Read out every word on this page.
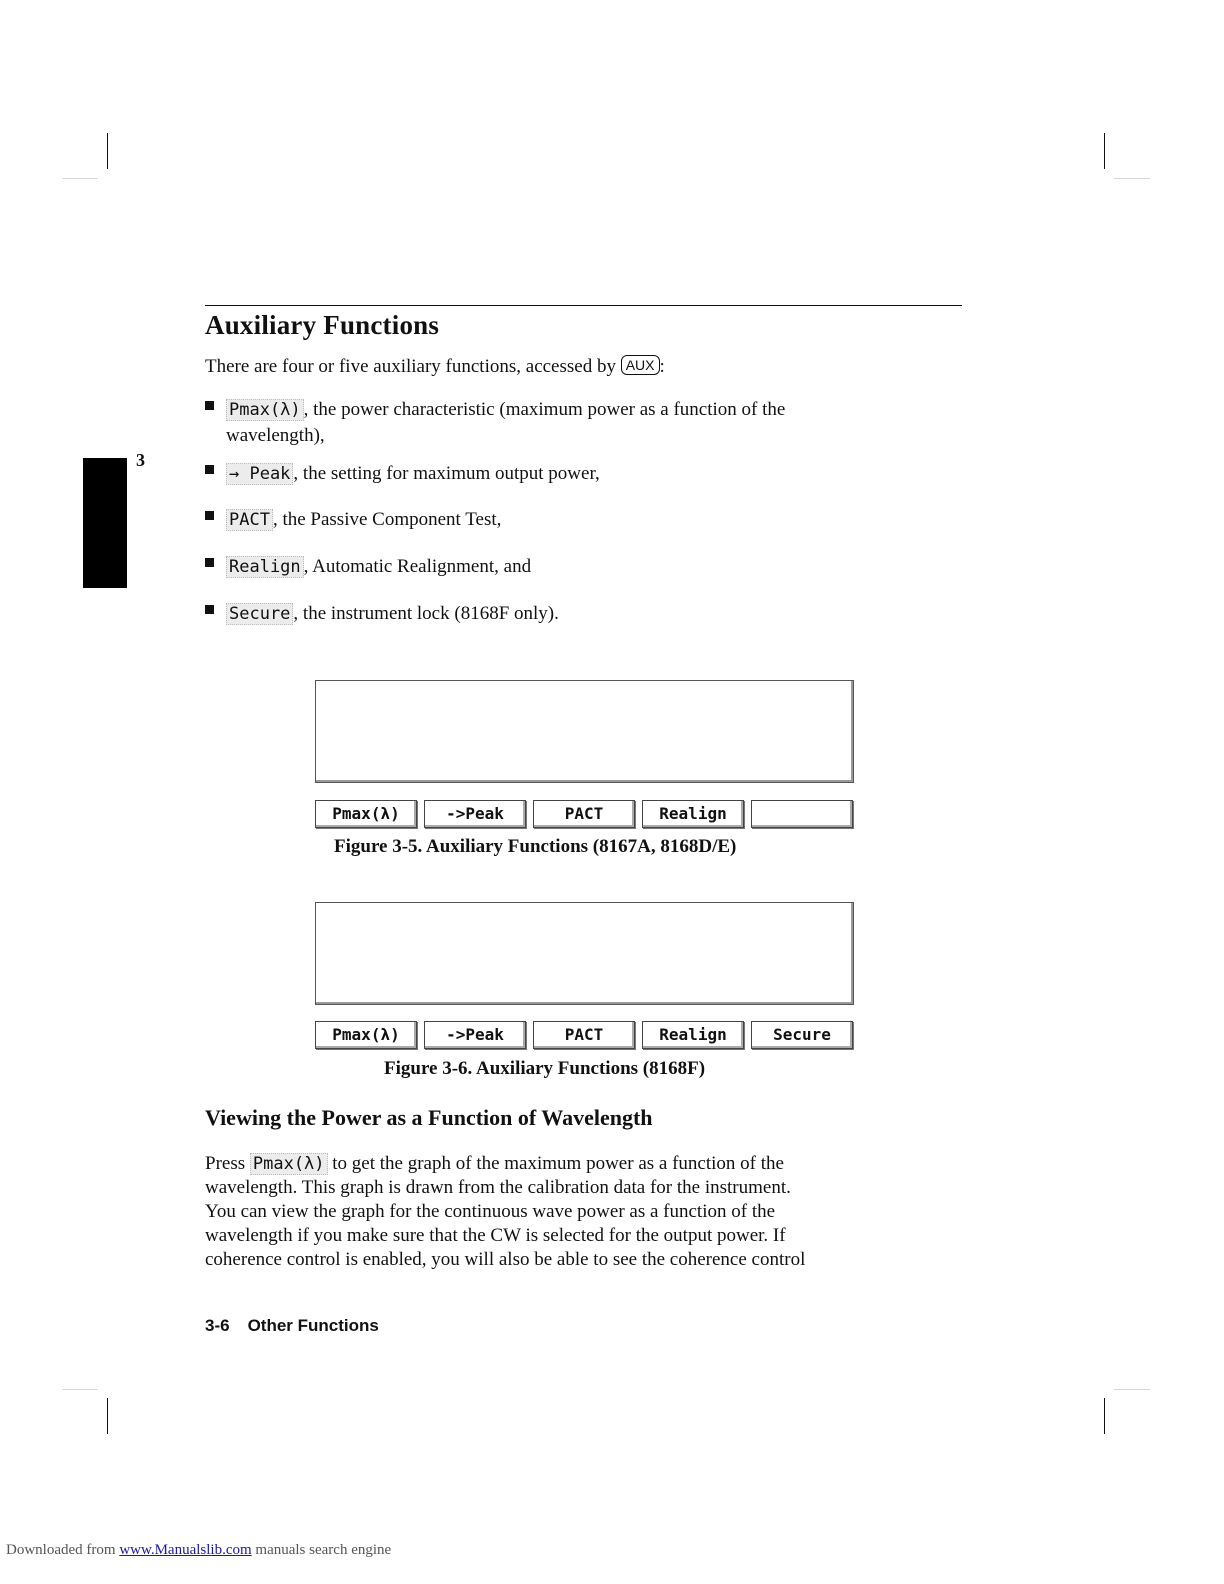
Auxiliary Functions
There are four or five auxiliary functions, accessed by AUX :
3
Pmax(λ) , the power characteristic (maximum power as a function of the
wavelength),
→ Peak , the setting for maximum output power,
PACT , the Passive Component Test,
Realign , Automatic Realignment, and
Secure , the instrument lock (8168F only).
Pmax(λ)	->Peak	PACT	Realign
Figure 3-5. Auxiliary Functions (8167A, 8168D/E)
Pmax(λ)	->Peak	PACT	Realign	Secure
Figure 3-6. Auxiliary Functions (8168F)
Viewing the Power as a Function of Wavelength
Press Pmax(λ) to get the graph of the maximum power as a function of the
wavelength. This graph is drawn from the calibration data for the instrument.
You can view the graph for the continuous wave power as a function of the
wavelength if you make sure that the CW is selected for the output power. If
coherence control is enabled, you will also be able to see the coherence control
3-6 Other Functions
Downloaded from www.Manualslib.com manuals search engine
